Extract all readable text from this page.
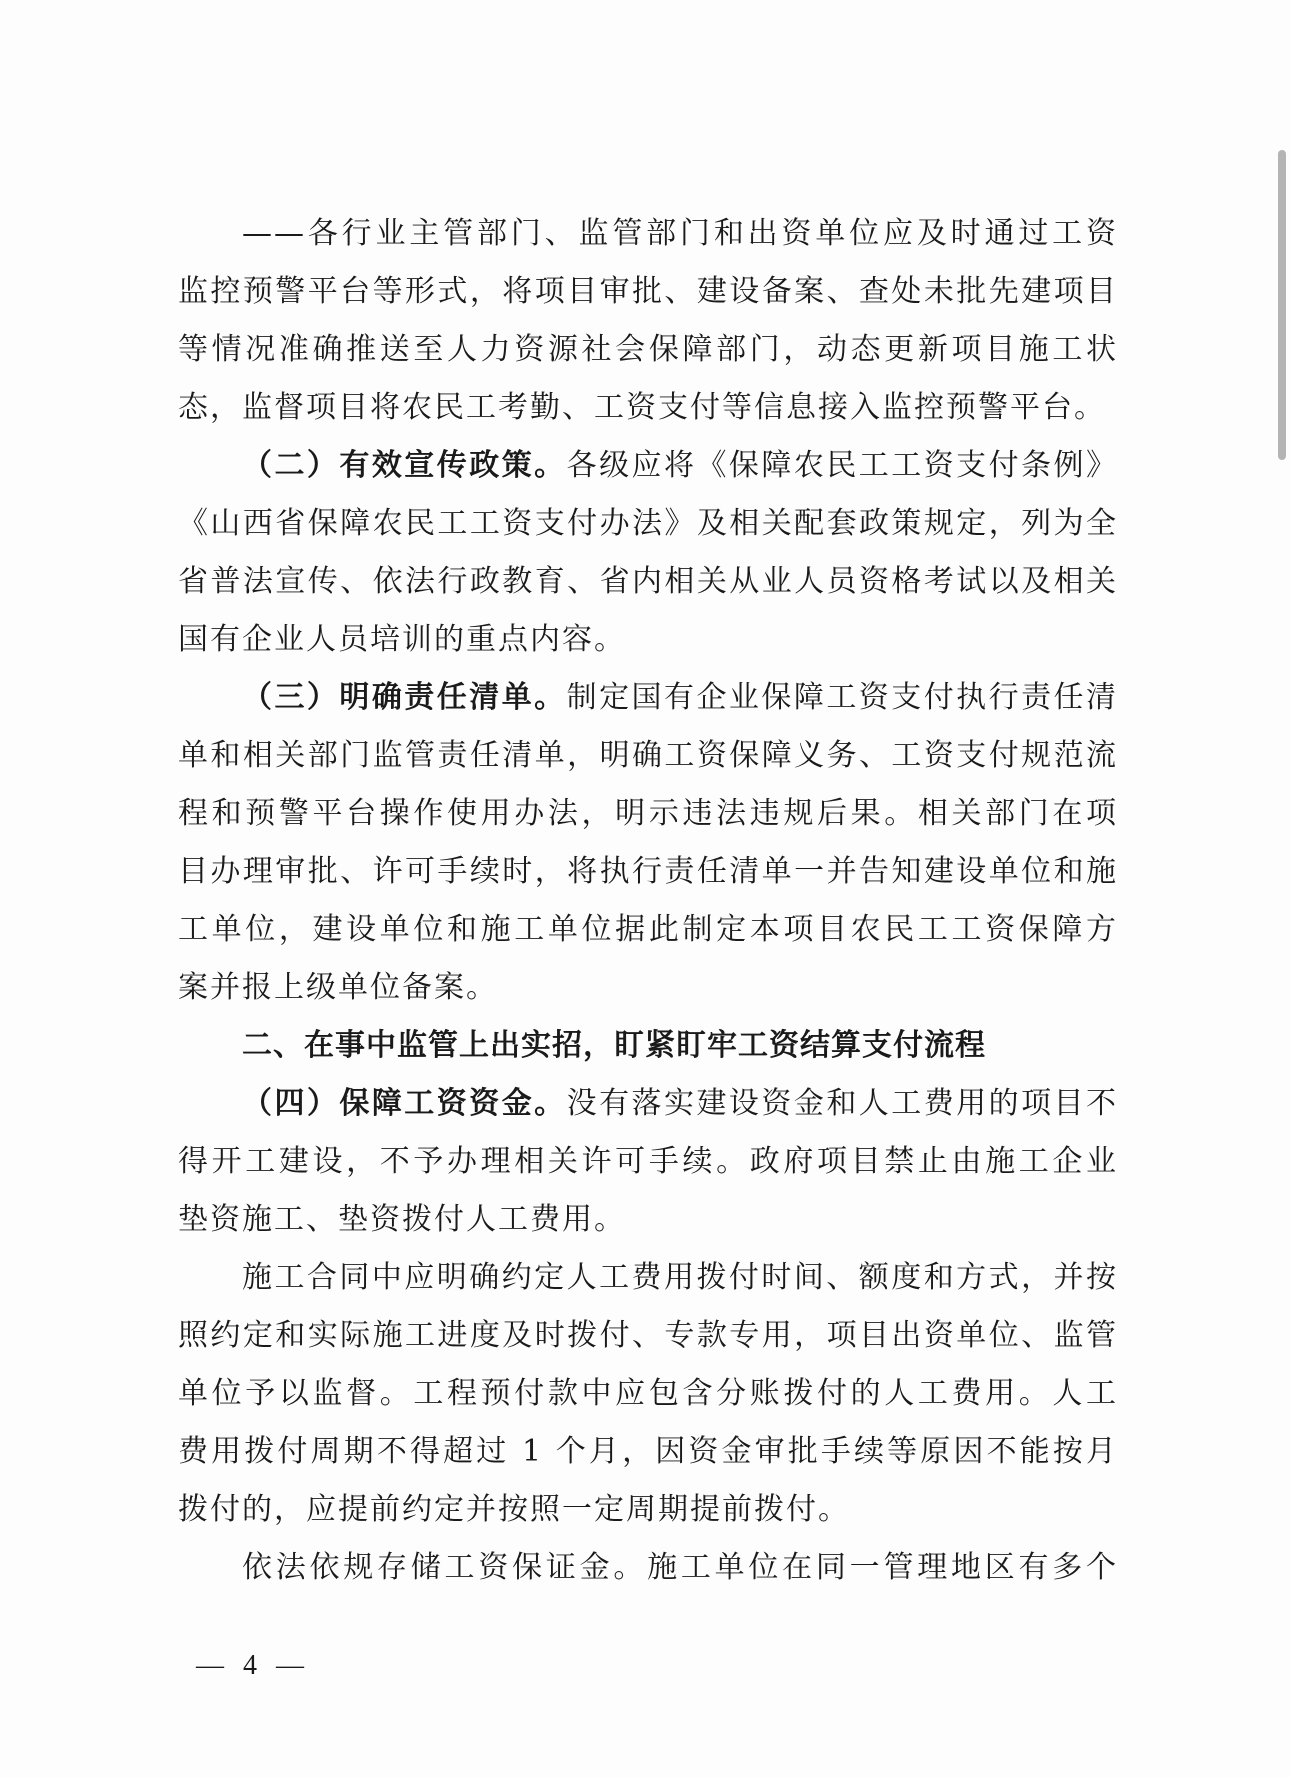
——各行业主管部门、监管部门和出资单位应及时通过工资
监控预警平台等形式，将项目审批、建设备案、查处未批先建项目
等情况准确推送至人力资源社会保障部门，动态更新项目施工状
态，监督项目将农民工考勤、工资支付等信息接入监控预警平台。
（二）有效宣传政策。各级应将《保障农民工工资支付条例》
《山西省保障农民工工资支付办法》及相关配套政策规定，列为全
省普法宣传、依法行政教育、省内相关从业人员资格考试以及相关
国有企业人员培训的重点内容。
（三）明确责任清单。制定国有企业保障工资支付执行责任清
单和相关部门监管责任清单，明确工资保障义务、工资支付规范流
程和预警平台操作使用办法，明示违法违规后果。相关部门在项
目办理审批、许可手续时，将执行责任清单一并告知建设单位和施
工单位，建设单位和施工单位据此制定本项目农民工工资保障方
案并报上级单位备案。
二、在事中监管上出实招，盯紧盯牢工资结算支付流程
（四）保障工资资金。没有落实建设资金和人工费用的项目不
得开工建设，不予办理相关许可手续。政府项目禁止由施工企业
垫资施工、垫资拨付人工费用。
施工合同中应明确约定人工费用拨付时间、额度和方式，并按
照约定和实际施工进度及时拨付、专款专用，项目出资单位、监管
单位予以监督。工程预付款中应包含分账拨付的人工费用。人工
费用拨付周期不得超过 1 个月，因资金审批手续等原因不能按月
拨付的，应提前约定并按照一定周期提前拨付。
依法依规存储工资保证金。施工单位在同一管理地区有多个
— 4 —
